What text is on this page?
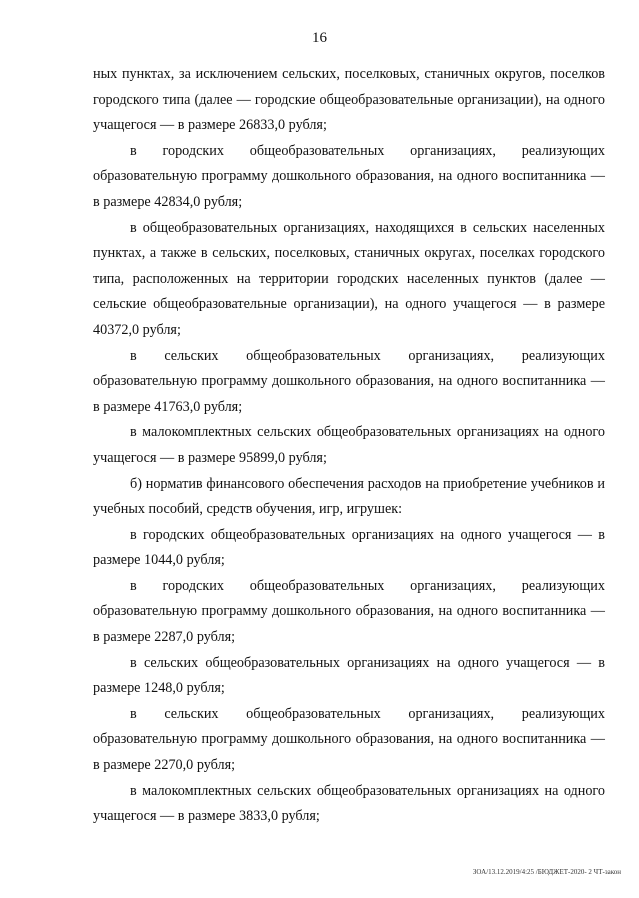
16

ных пунктах, за исключением сельских, поселковых, станичных округов, поселков городского типа (далее — городские общеобразовательные организации), на одного учащегося — в размере 26833,0 рубля;

в городских общеобразовательных организациях, реализующих образовательную программу дошкольного образования, на одного воспитанника — в размере 42834,0 рубля;

в общеобразовательных организациях, находящихся в сельских населенных пунктах, а также в сельских, поселковых, станичных округах, поселках городского типа, расположенных на территории городских населенных пунктов (далее — сельские общеобразовательные организации), на одного учащегося — в размере 40372,0 рубля;

в сельских общеобразовательных организациях, реализующих образовательную программу дошкольного образования, на одного воспитанника — в размере 41763,0 рубля;

в малокомплектных сельских общеобразовательных организациях на одного учащегося — в размере 95899,0 рубля;

б) норматив финансового обеспечения расходов на приобретение учебников и учебных пособий, средств обучения, игр, игрушек:

в городских общеобразовательных организациях на одного учащегося — в размере 1044,0 рубля;

в городских общеобразовательных организациях, реализующих образовательную программу дошкольного образования, на одного воспитанника — в размере 2287,0 рубля;

в сельских общеобразовательных организациях на одного учащегося — в размере 1248,0 рубля;

в сельских общеобразовательных организациях, реализующих образовательную программу дошкольного образования, на одного воспитанника — в размере 2270,0 рубля;

в малокомплектных сельских общеобразовательных организациях на одного учащегося — в размере 3833,0 рубля;

ЗОА/13.12.2019/4:25 /БЮДЖЕТ-2020- 2 ЧТ-закон
